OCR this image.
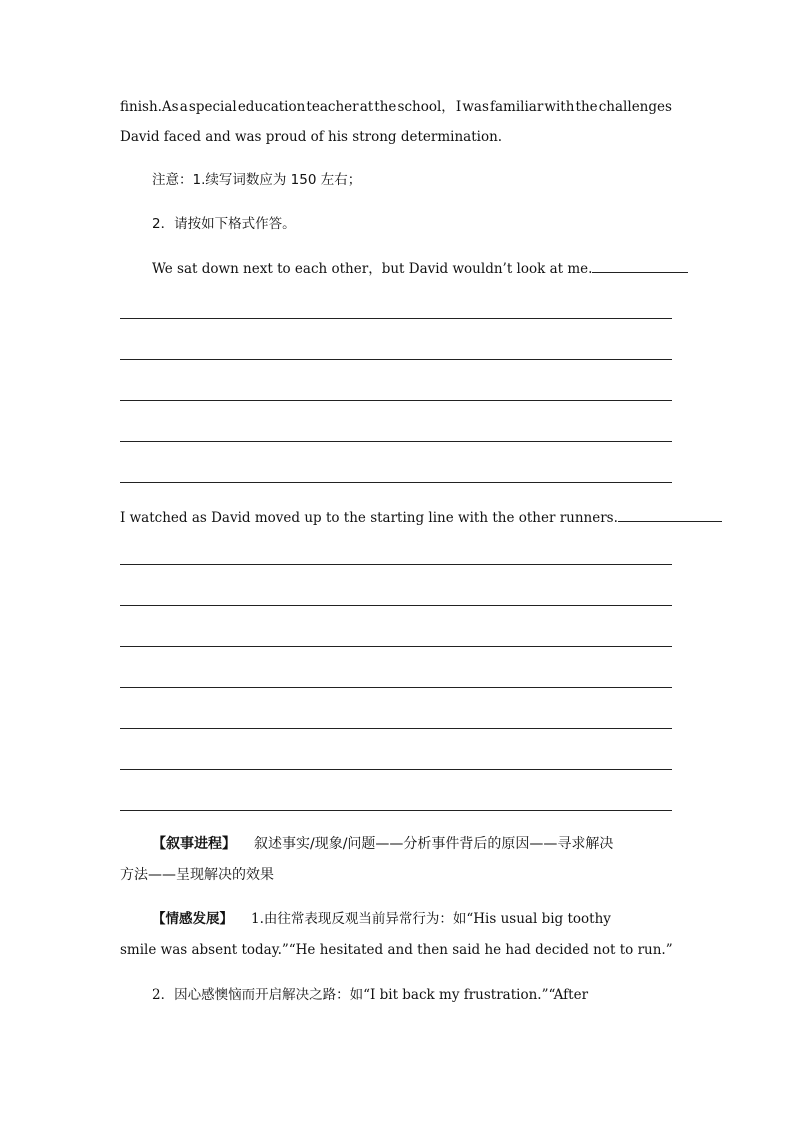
finish.As a special education teacher at the school， I was familiar with the challenges
David faced and was proud of his strong determination.
注意：1.续写词数应为 150 左右；
2．请按如下格式作答。
We sat down next to each other，but David wouldn’t look at me.
I watched as David moved up to the starting line with the other runners.
【叙事进程】 叙述事实/现象/问题——分析事件背后的原因——寻求解决
方法——呈现解决的效果
【情感发展】 1.由往常表现反观当前异常行为：如“His usual big toothy
smile was absent today.”“He hesitated and then said he had decided not to run.”
2．因心感懊恼而开启解决之路：如“I bit back my frustration.”“After
